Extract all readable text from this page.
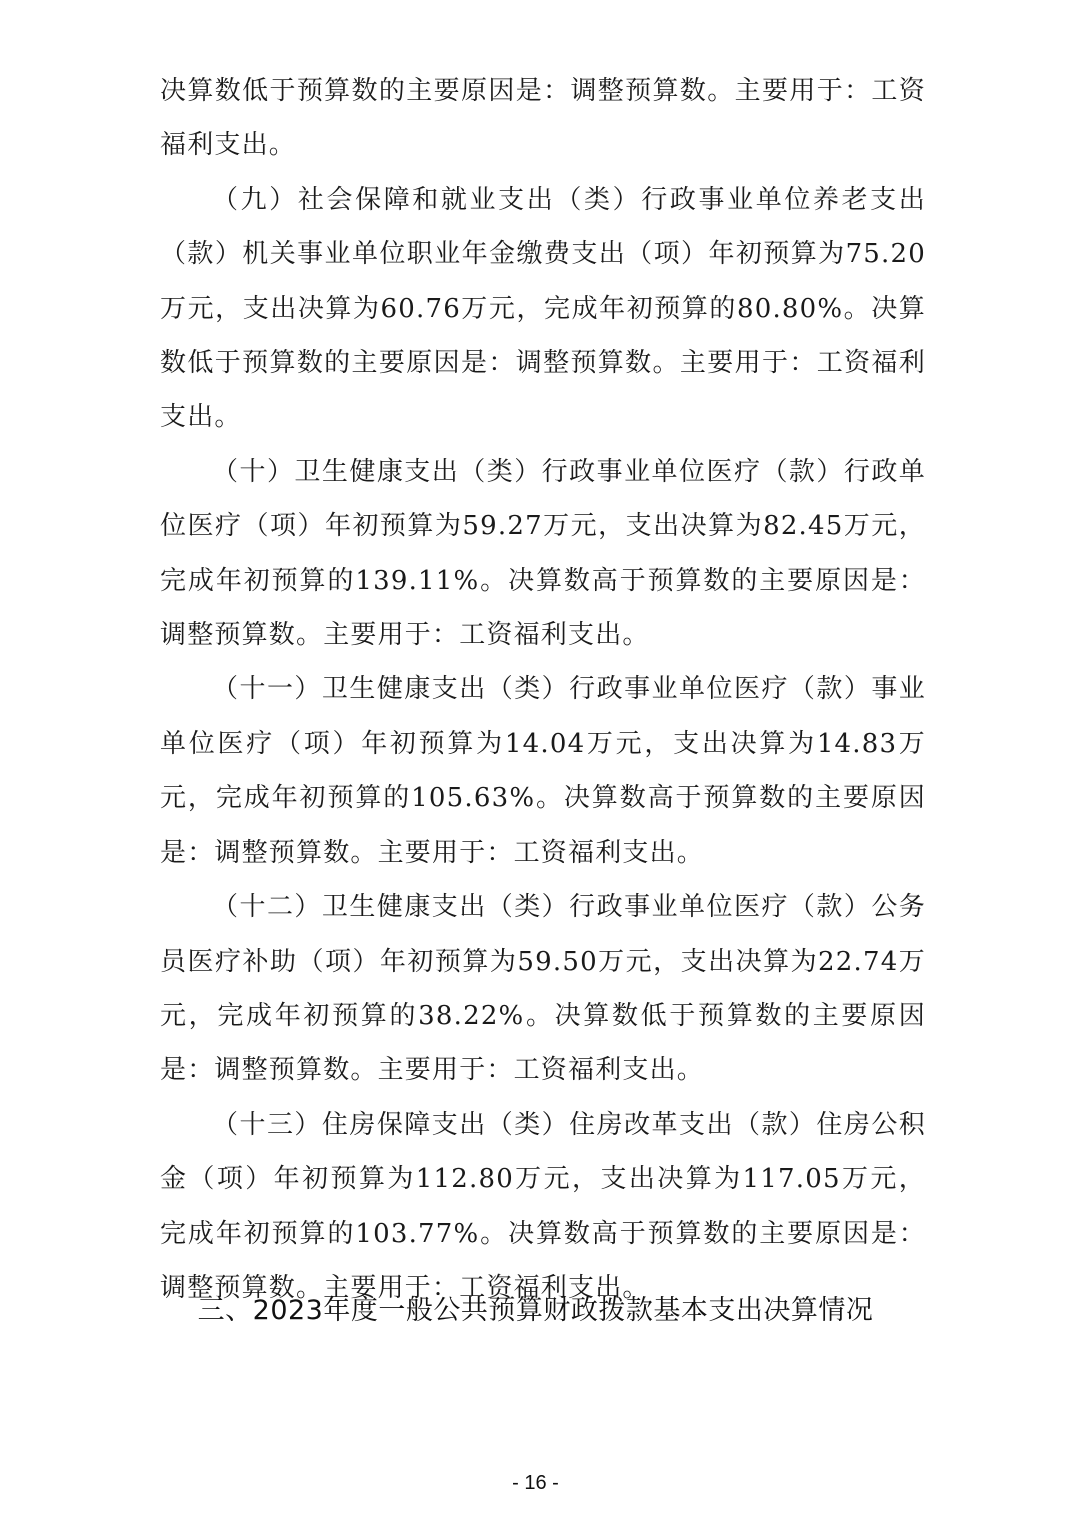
决算数低于预算数的主要原因是：调整预算数。主要用于：工资福利支出。

（九）社会保障和就业支出（类）行政事业单位养老支出（款）机关事业单位职业年金缴费支出（项）年初预算为75.20万元，支出决算为60.76万元，完成年初预算的80.80%。决算数低于预算数的主要原因是：调整预算数。主要用于：工资福利支出。

（十）卫生健康支出（类）行政事业单位医疗（款）行政单位医疗（项）年初预算为59.27万元，支出决算为82.45万元，完成年初预算的139.11%。决算数高于预算数的主要原因是：调整预算数。主要用于：工资福利支出。

（十一）卫生健康支出（类）行政事业单位医疗（款）事业单位医疗（项）年初预算为14.04万元，支出决算为14.83万元，完成年初预算的105.63%。决算数高于预算数的主要原因是：调整预算数。主要用于：工资福利支出。

（十二）卫生健康支出（类）行政事业单位医疗（款）公务员医疗补助（项）年初预算为59.50万元，支出决算为22.74万元，完成年初预算的38.22%。决算数低于预算数的主要原因是：调整预算数。主要用于：工资福利支出。

（十三）住房保障支出（类）住房改革支出（款）住房公积金（项）年初预算为112.80万元，支出决算为117.05万元，完成年初预算的103.77%。决算数高于预算数的主要原因是：调整预算数。主要用于：工资福利支出。

三、2023年度一般公共预算财政拨款基本支出决算情况
- 16 -
